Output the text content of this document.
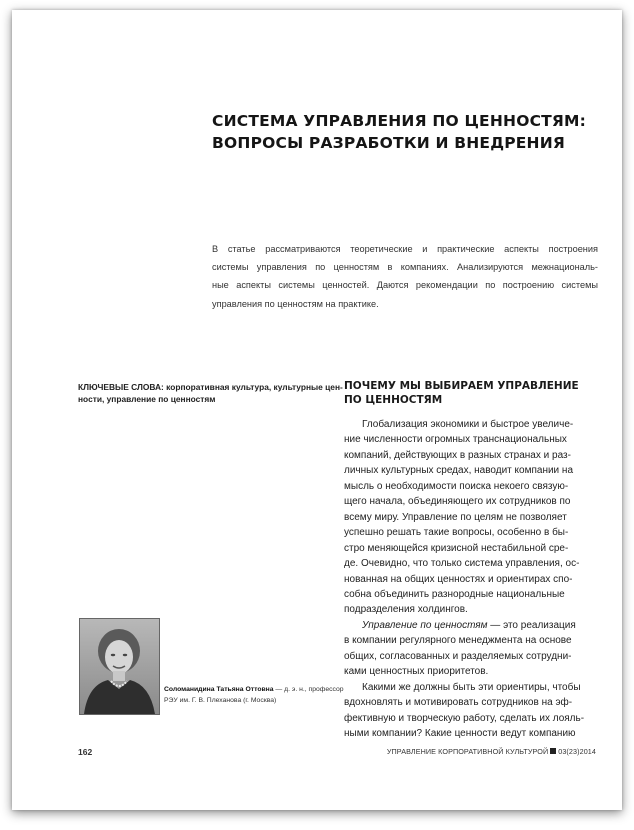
СИСТЕМА УПРАВЛЕНИЯ ПО ЦЕННОСТЯМ:
ВОПРОСЫ РАЗРАБОТКИ И ВНЕДРЕНИЯ

В статье рассматриваются теоретические и практические аспекты построения
системы управления по ценностям в компаниях. Анализируются межнациональ-
ные аспекты системы ценностей. Даются рекомендации по построению системы
управления по ценностям на практике.

КЛЮЧЕВЫЕ СЛОВА: корпоративная культура, культурные цен-
ности, управление по ценностям

ПОЧЕМУ МЫ ВЫБИРАЕМ УПРАВЛЕНИЕ
ПО ЦЕННОСТЯМ
Глобализация экономики и быстрое увеличе-
ние численности огромных транснациональных
компаний, действующих в разных странах и раз-
личных культурных средах, наводит компании на
мысль о необходимости поиска некоего связую-
щего начала, объединяющего их сотрудников по
всему миру. Управление по целям не позволяет
успешно решать такие вопросы, особенно в бы-
стро меняющейся кризисной нестабильной сре-
де. Очевидно, что только система управления, ос-
нованная на общих ценностях и ориентирах спо-
собна объединить разнородные национальные
подразделения холдингов.
Управление по ценностям — это реализация
в компании регулярного менеджмента на основе
общих, согласованных и разделяемых сотрудни-
ками ценностных приоритетов.
Какими же должны быть эти ориентиры, чтобы
вдохновлять и мотивировать сотрудников на эф-
фективную и творческую работу, сделать их лояль-
ными компании? Какие ценности ведут компанию
Соломанидина Татьяна Оттовна — д. э. н., профессор
РЭУ им. Г. В. Плеханова (г. Москва)
162	УПРАВЛЕНИЕ КОРПОРАТИВНОЙ КУЛЬТУРОЙ 03(23)2014
